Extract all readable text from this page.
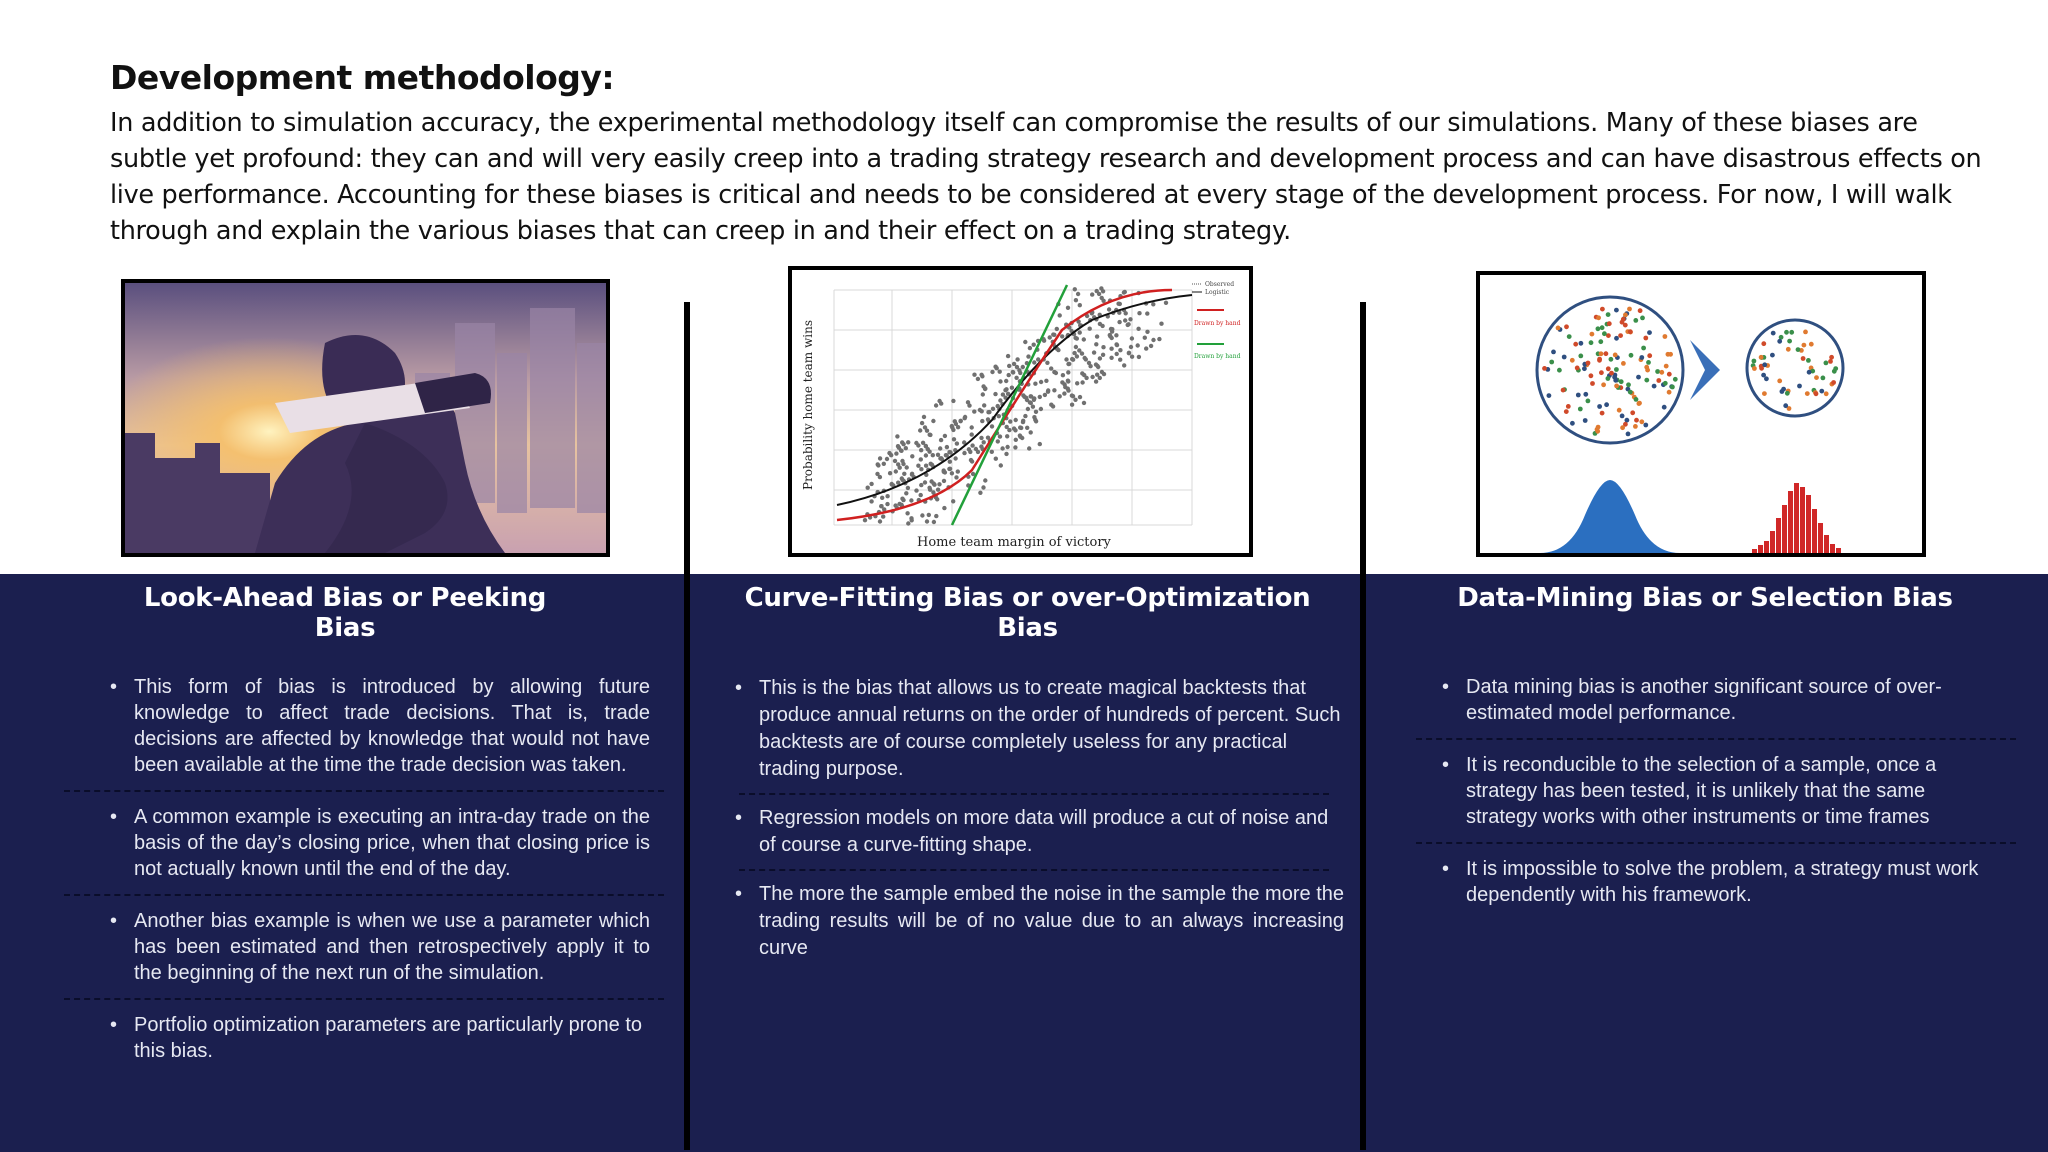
Development methodology:
In addition to simulation accuracy, the experimental methodology itself can compromise the results of our simulations. Many of these biases are subtle yet profound: they can and will very easily creep into a trading strategy research and development process and can have disastrous effects on live performance. Accounting for these biases is critical and needs to be considered at every stage of the development process. For now, I will walk through and explain the various biases that can creep in and their effect on a trading strategy.
Observed
Logistic
Drawn by hand
Drawn by hand
Probability home team wins
Home team margin of victory
Look-Ahead Bias or Peeking Bias
Curve-Fitting Bias or over-Optimization Bias
Data-Mining Bias or Selection Bias
• This form of bias is introduced by allowing future knowledge to affect trade decisions. That is, trade decisions are affected by knowledge that would not have been available at the time the trade decision was taken.
• A common example is executing an intra-day trade on the basis of the day’s closing price, when that closing price is not actually known until the end of the day.
• Another bias example is when we use a parameter which has been estimated and then retrospectively apply it to the beginning of the next run of the simulation.
• Portfolio optimization parameters are particularly prone to this bias.
• This is the bias that allows us to create magical backtests that produce annual returns on the order of hundreds of percent. Such backtests are of course completely useless for any practical trading purpose.
• Regression models on more data will produce a cut of noise and of course a curve-fitting shape.
• The more the sample embed the noise in the sample the more the trading results will be of no value due to an always increasing curve
• Data mining bias is another significant source of over-estimated model performance.
• It is reconducible to the selection of a sample, once a strategy has been tested, it is unlikely that the same strategy works with other instruments or time frames
• It is impossible to solve the problem, a strategy must work dependently with his framework.
